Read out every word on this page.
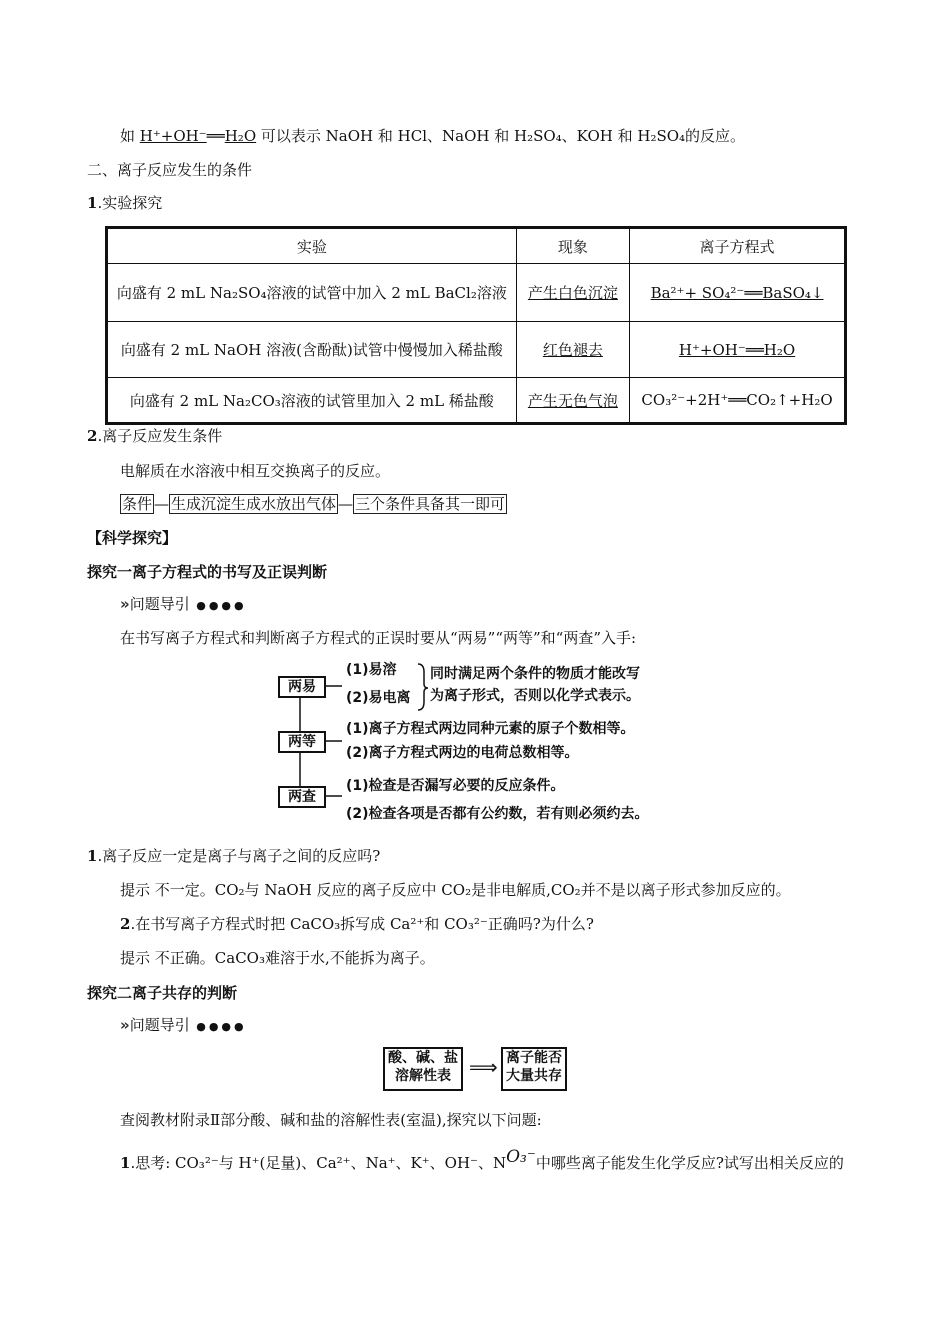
如 H⁺+OH⁻══H₂O 可以表示 NaOH 和 HCl、NaOH 和 H₂SO₄、KOH 和 H₂SO₄的反应。
二、离子反应发生的条件
1.实验探究
实验	现象	离子方程式
向盛有 2 mL Na₂SO₄溶液的试管中加入 2 mL BaCl₂溶液	产生白色沉淀	Ba²⁺+ SO₄²⁻══BaSO₄↓
向盛有 2 mL NaOH 溶液(含酚酞)试管中慢慢加入稀盐酸	红色褪去	H⁺+OH⁻══H₂O
向盛有 2 mL Na₂CO₃溶液的试管里加入 2 mL 稀盐酸	产生无色气泡	CO₃²⁻+2H⁺══CO₂↑+H₂O
2.离子反应发生条件
电解质在水溶液中相互交换离子的反应。
条件 — 生成沉淀生成水放出气体 — 三个条件具备其一即可
【科学探究】
探究一离子方程式的书写及正误判断
»问题导引 ●●●●
在书写离子方程式和判断离子方程式的正误时要从“两易”“两等”和“两查”入手:
两易
两等
两查
(1)易溶
(2)易电离
同时满足两个条件的物质才能改写
为离子形式，否则以化学式表示。
(1)离子方程式两边同种元素的原子个数相等。
(2)离子方程式两边的电荷总数相等。
(1)检查是否漏写必要的反应条件。
(2)检查各项是否都有公约数，若有则必须约去。
1.离子反应一定是离子与离子之间的反应吗?
提示 不一定。CO₂与 NaOH 反应的离子反应中 CO₂是非电解质,CO₂并不是以离子形式参加反应的。
2.在书写离子方程式时把 CaCO₃拆写成 Ca²⁺和 CO₃²⁻正确吗?为什么?
提示 不正确。CaCO₃难溶于水,不能拆为离子。
探究二离子共存的判断
»问题导引 ●●●●
酸、碱、盐
溶解性表 ⟹ 离子能否
大量共存
查阅教材附录Ⅱ部分酸、碱和盐的溶解性表(室温),探究以下问题:
1.思考: CO₃²⁻与 H⁺(足量)、Ca²⁺、Na⁺、K⁺、OH⁻、NO₃⁻中哪些离子能发生化学反应?试写出相关反应的
